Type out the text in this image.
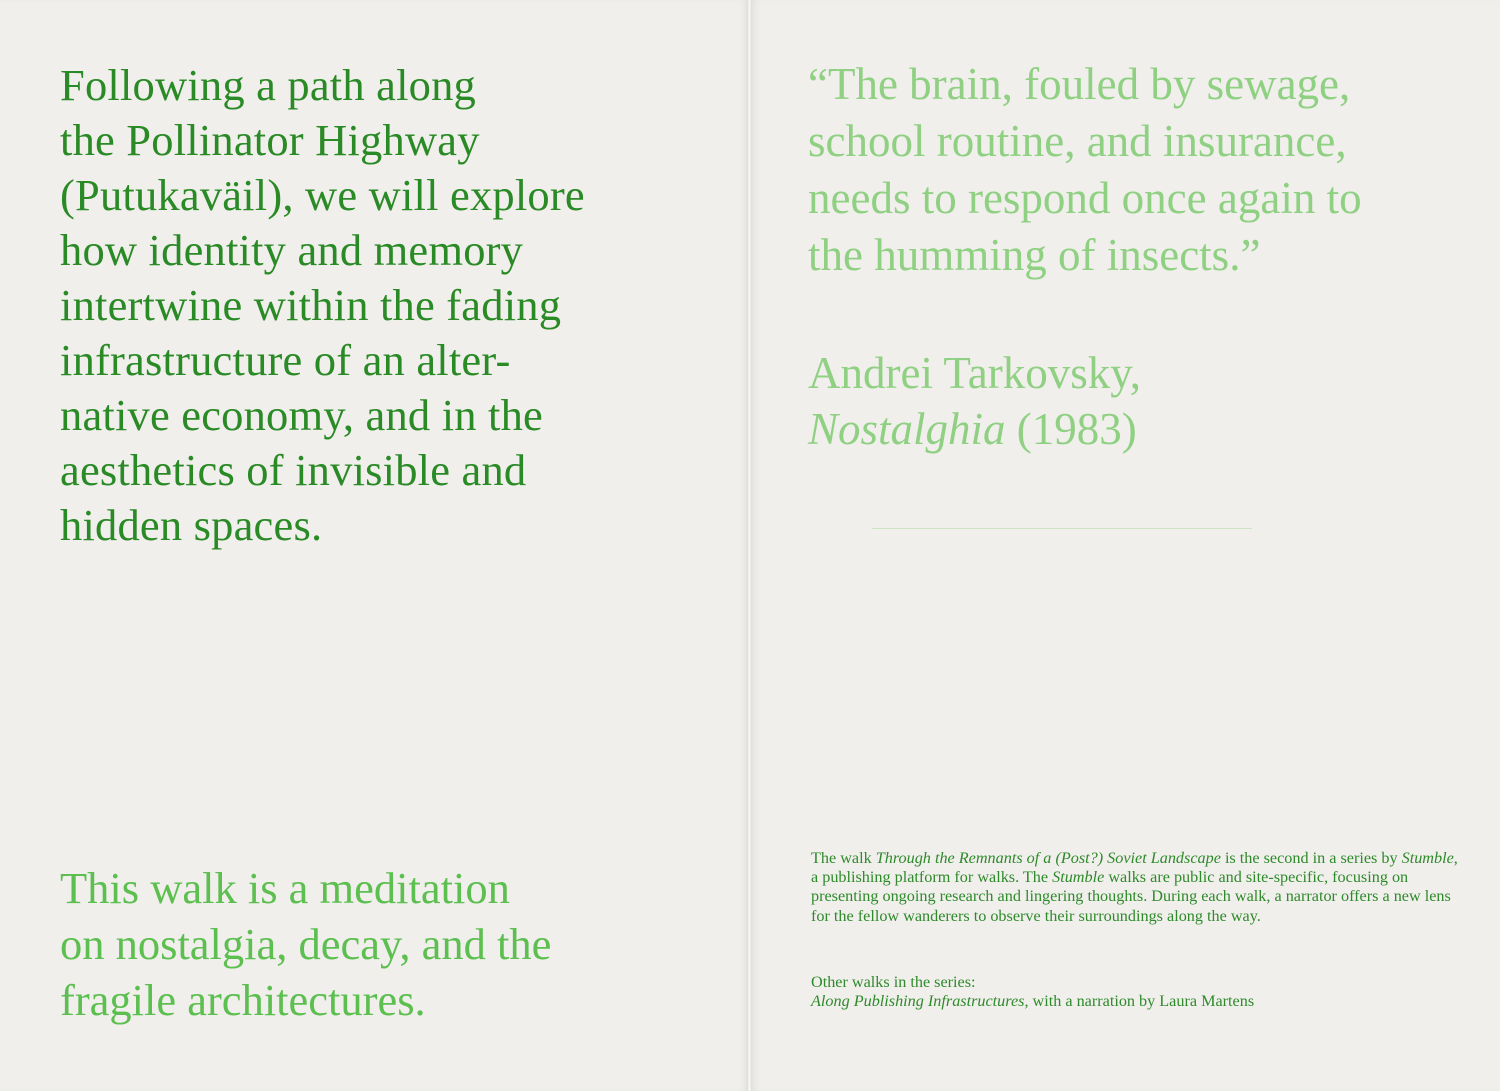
Following a path along
the Pollinator Highway
(Putukaväil), we will explore
how identity and memory
intertwine within the fading
infrastructure of an alter-
native economy, and in the
aesthetics of invisible and
hidden spaces.

This walk is a meditation
on nostalgia, decay, and the
fragile architectures.

“The brain, fouled by sewage,
school routine, and insurance,
needs to respond once again to
the humming of insects.”

Andrei Tarkovsky,
Nostalghia (1983)

The walk Through the Remnants of a (Post?) Soviet Landscape is the second in a series by Stumble, a publishing platform for walks. The Stumble walks are public and site-specific, focusing on presenting ongoing research and lingering thoughts. During each walk, a narrator offers a new lens for the fellow wanderers to observe their surroundings along the way.

Other walks in the series:
Along Publishing Infrastructures, with a narration by Laura Martens
